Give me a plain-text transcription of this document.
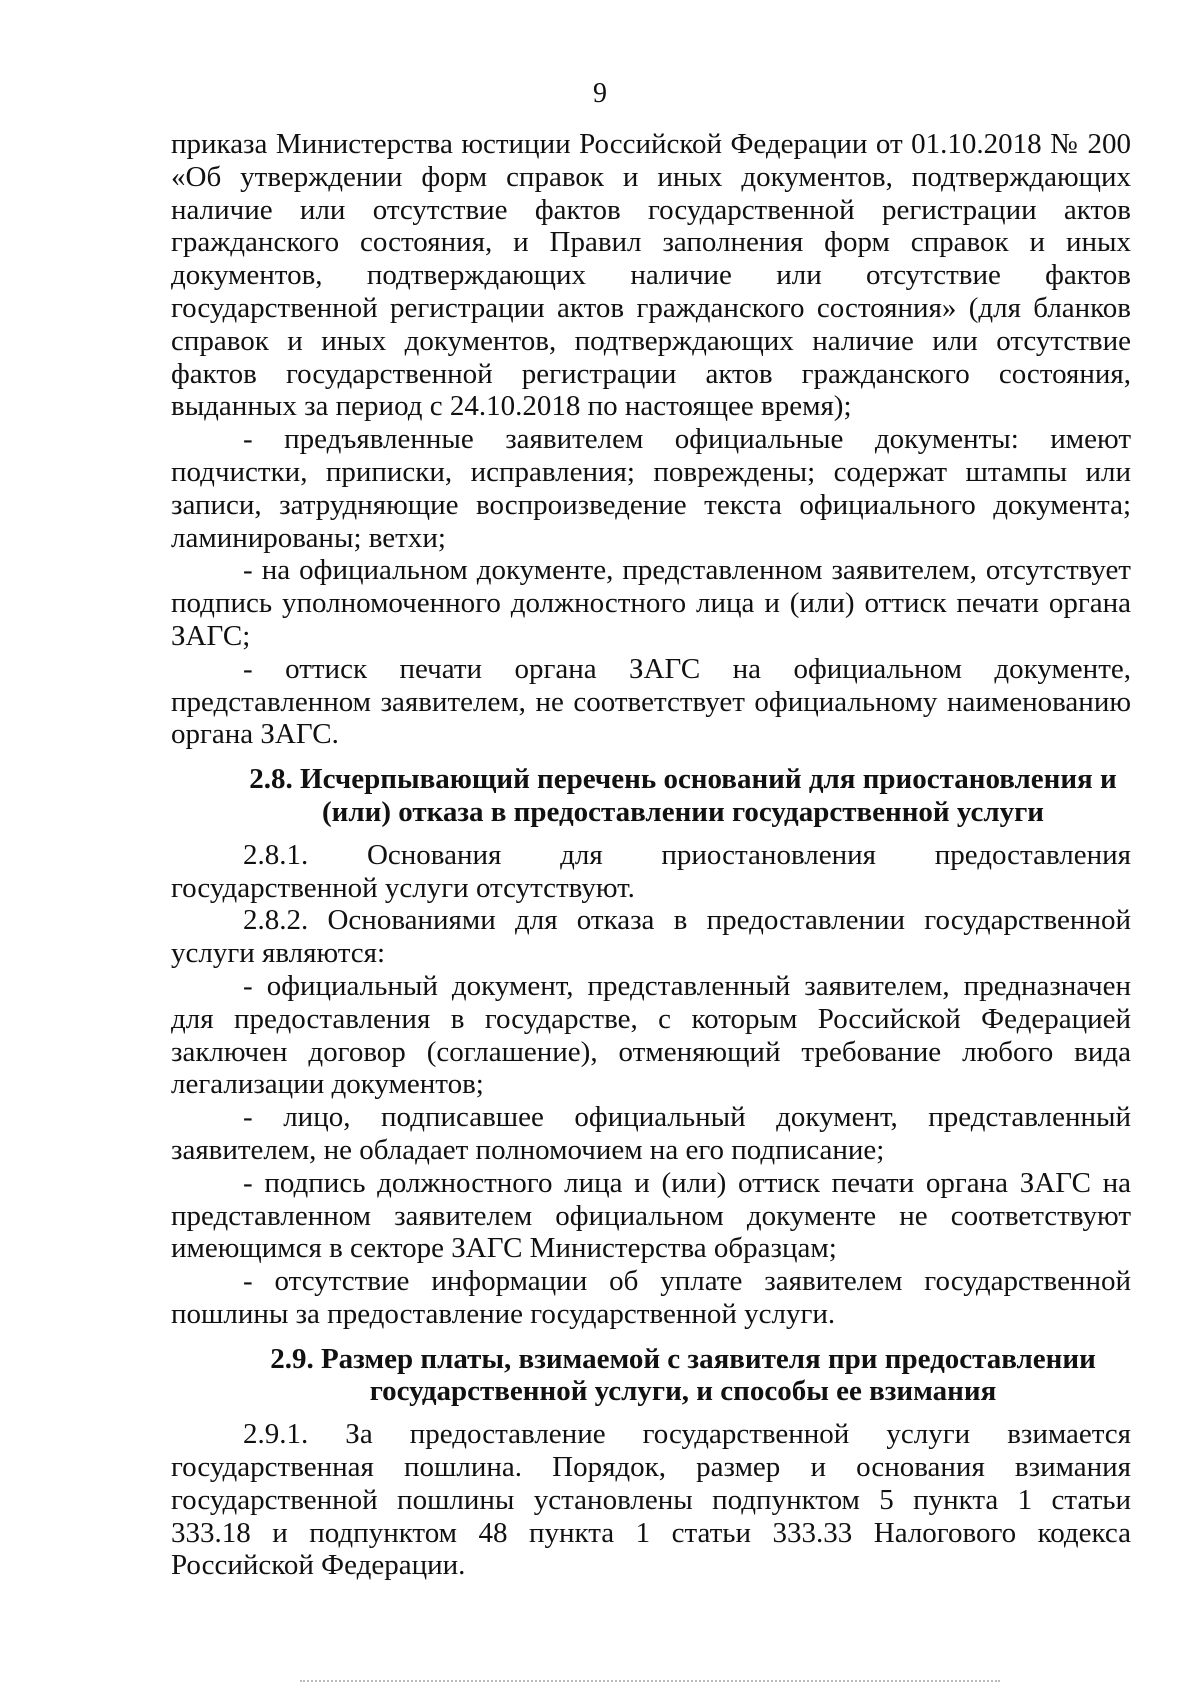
9

приказа Министерства юстиции Российской Федерации от 01.10.2018 № 200 «Об утверждении форм справок и иных документов, подтверждающих наличие или отсутствие фактов государственной регистрации актов гражданского состояния, и Правил заполнения форм справок и иных документов, подтверждающих наличие или отсутствие фактов государственной регистрации актов гражданского состояния» (для бланков справок и иных документов, подтверждающих наличие или отсутствие фактов государственной регистрации актов гражданского состояния, выданных за период с 24.10.2018 по настоящее время);

- предъявленные заявителем официальные документы: имеют подчистки, приписки, исправления; повреждены; содержат штампы или записи, затрудняющие воспроизведение текста официального документа; ламинированы; ветхи;

- на официальном документе, представленном заявителем, отсутствует подпись уполномоченного должностного лица и (или) оттиск печати органа ЗАГС;

- оттиск печати органа ЗАГС на официальном документе, представленном заявителем, не соответствует официальному наименованию органа ЗАГС.

2.8. Исчерпывающий перечень оснований для приостановления и
(или) отказа в предоставлении государственной услуги

2.8.1. Основания для приостановления предоставления государственной услуги отсутствуют.

2.8.2. Основаниями для отказа в предоставлении государственной услуги являются:

- официальный документ, представленный заявителем, предназначен для предоставления в государстве, с которым Российской Федерацией заключен договор (соглашение), отменяющий требование любого вида легализации документов;

- лицо, подписавшее официальный документ, представленный заявителем, не обладает полномочием на его подписание;

- подпись должностного лица и (или) оттиск печати органа ЗАГС на представленном заявителем официальном документе не соответствуют имеющимся в секторе ЗАГС Министерства образцам;

- отсутствие информации об уплате заявителем государственной пошлины за предоставление государственной услуги.

2.9. Размер платы, взимаемой с заявителя при предоставлении
государственной услуги, и способы ее взимания

2.9.1. За предоставление государственной услуги взимается государственная пошлина. Порядок, размер и основания взимания государственной пошлины установлены подпунктом 5 пункта 1 статьи 333.18 и подпунктом 48 пункта 1 статьи 333.33 Налогового кодекса Российской Федерации.
